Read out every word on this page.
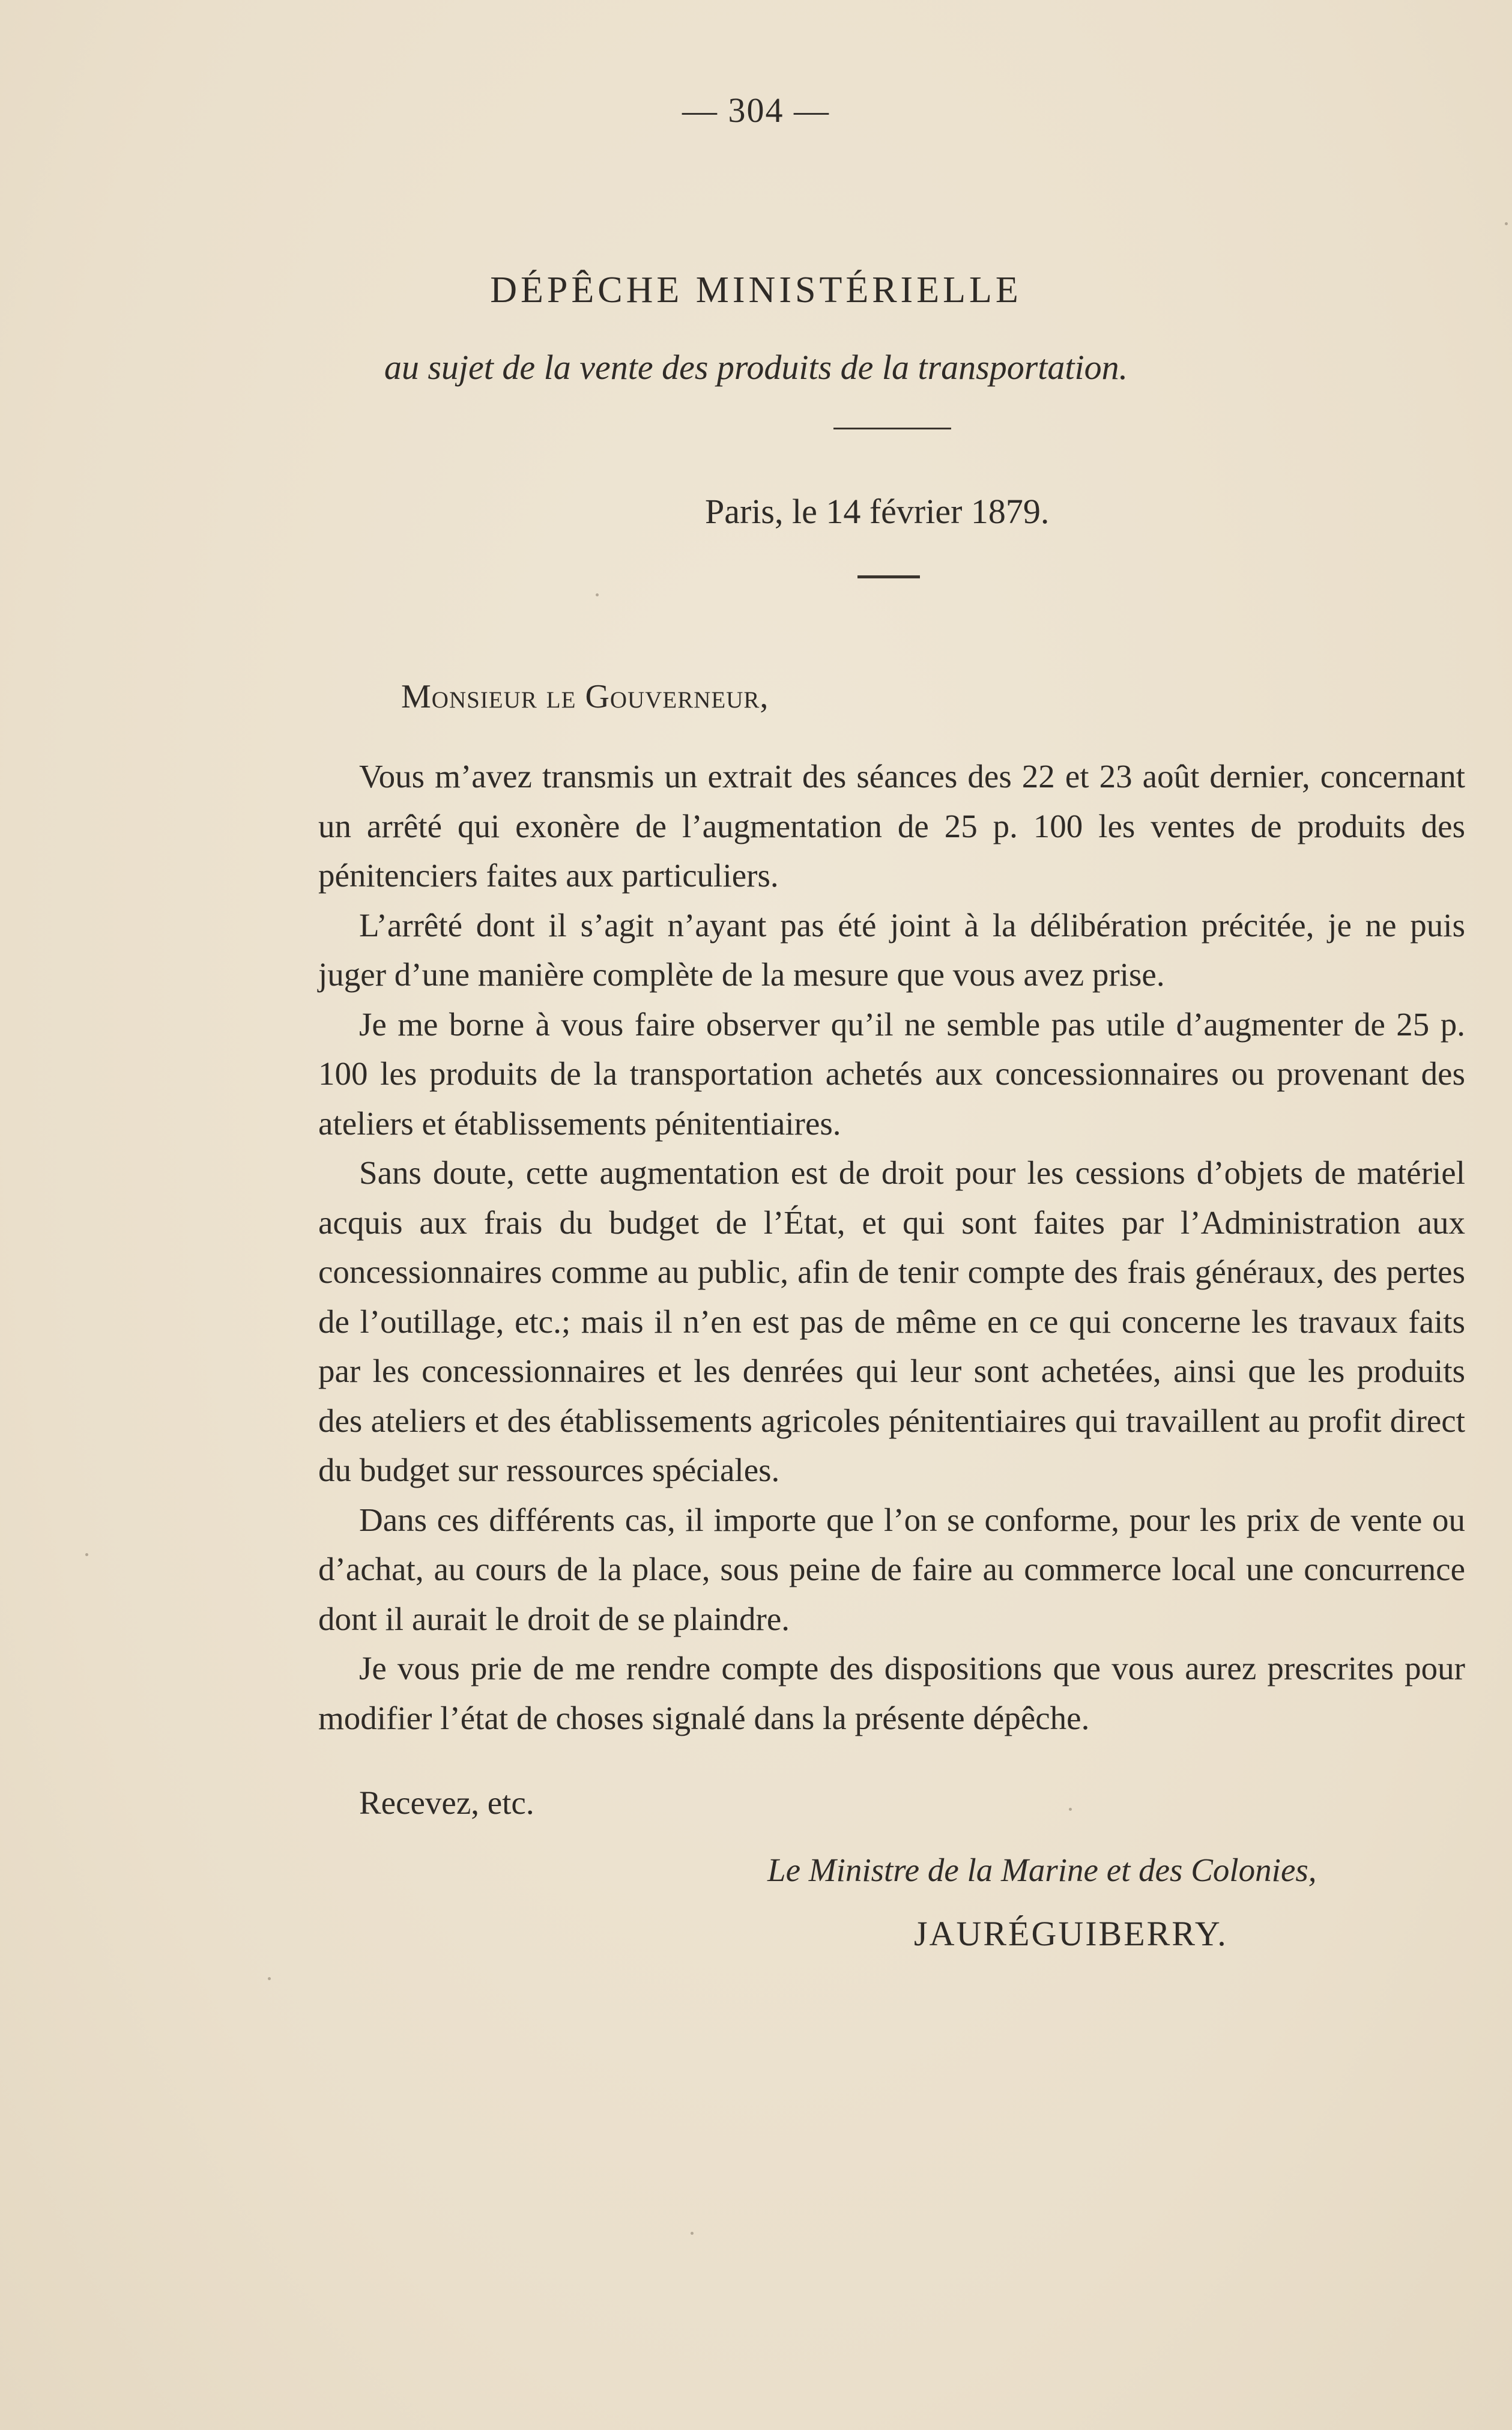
— 304 —
DÉPÊCHE MINISTÉRIELLE
au sujet de la vente des produits de la transportation.
Paris, le 14 février 1879.
Monsieur le Gouverneur,

Vous m’avez transmis un extrait des séances des 22 et 23 août dernier, concernant un arrêté qui exonère de l’augmentation de 25 p. 100 les ventes de produits des pénitenciers faites aux particuliers.

L’arrêté dont il s’agit n’ayant pas été joint à la délibération précitée, je ne puis juger d’une manière complète de la mesure que vous avez prise.

Je me borne à vous faire observer qu’il ne semble pas utile d’augmenter de 25 p. 100 les produits de la transportation achetés aux concessionnaires ou provenant des ateliers et établissements pénitentiaires.

Sans doute, cette augmentation est de droit pour les cessions d’objets de matériel acquis aux frais du budget de l’État, et qui sont faites par l’Administration aux concessionnaires comme au public, afin de tenir compte des frais généraux, des pertes de l’outillage, etc.; mais il n’en est pas de même en ce qui concerne les travaux faits par les concessionnaires et les denrées qui leur sont achetées, ainsi que les produits des ateliers et des établissements agricoles pénitentiaires qui travaillent au profit direct du budget sur ressources spéciales.

Dans ces différents cas, il importe que l’on se conforme, pour les prix de vente ou d’achat, au cours de la place, sous peine de faire au commerce local une concurrence dont il aurait le droit de se plaindre.

Je vous prie de me rendre compte des dispositions que vous aurez prescrites pour modifier l’état de choses signalé dans la présente dépêche.

Recevez, etc.
Le Ministre de la Marine et des Colonies,
JAURÉGUIBERRY.
